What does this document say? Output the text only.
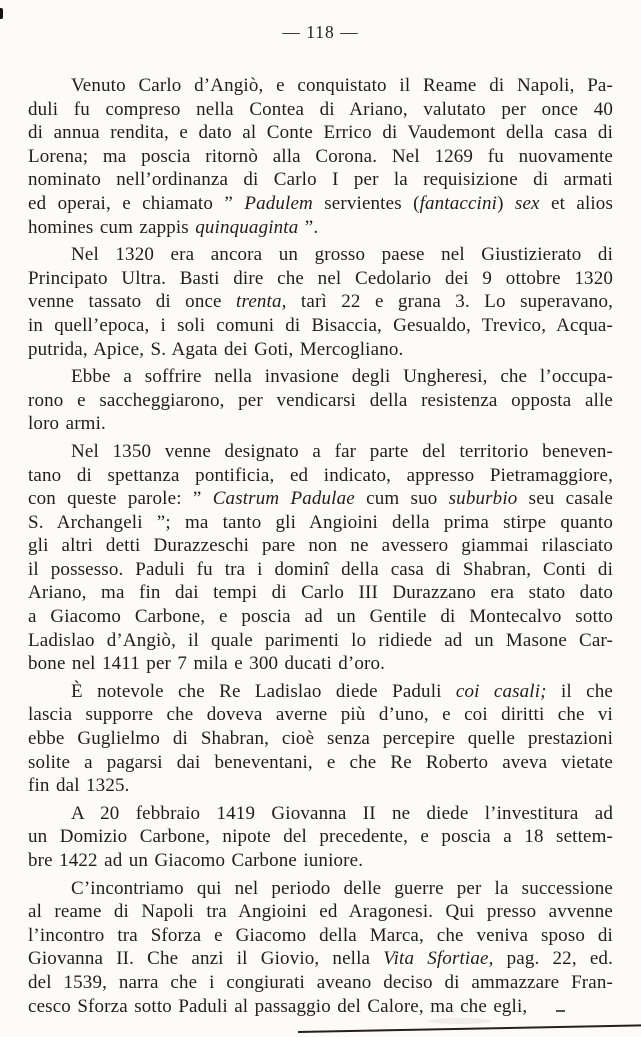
— 118 —
Venuto Carlo d’Angiò, e conquistato il Reame di Napoli, Pa-
duli fu compreso nella Contea di Ariano, valutato per once 40
di annua rendita, e dato al Conte Errico di Vaudemont della casa di
Lorena; ma poscia ritornò alla Corona. Nel 1269 fu nuovamente
nominato nell’ordinanza di Carlo I per la requisizione di armati
ed operai, e chiamato ” Padulem servientes (fantaccini) sex et alios
homines cum zappis quinquaginta ”.
Nel 1320 era ancora un grosso paese nel Giustizierato di
Principato Ultra. Basti dire che nel Cedolario dei 9 ottobre 1320
venne tassato di once trenta, tarì 22 e grana 3. Lo superavano,
in quell’epoca, i soli comuni di Bisaccia, Gesualdo, Trevico, Acqua-
putrida, Apice, S. Agata dei Goti, Mercogliano.
Ebbe a soffrire nella invasione degli Ungheresi, che l’occupa-
rono e saccheggiarono, per vendicarsi della resistenza opposta alle
loro armi.
Nel 1350 venne designato a far parte del territorio beneven-
tano di spettanza pontificia, ed indicato, appresso Pietramaggiore,
con queste parole: ” Castrum Padulae cum suo suburbio seu casale
S. Archangeli ”; ma tanto gli Angioini della prima stirpe quanto
gli altri detti Durazzeschi pare non ne avessero giammai rilasciato
il possesso. Paduli fu tra i dominî della casa di Shabran, Conti di
Ariano, ma fin dai tempi di Carlo III Durazzano era stato dato
a Giacomo Carbone, e poscia ad un Gentile di Montecalvo sotto
Ladislao d’Angiò, il quale parimenti lo ridiede ad un Masone Car-
bone nel 1411 per 7 mila e 300 ducati d’oro.
È notevole che Re Ladislao diede Paduli coi casali; il che
lascia supporre che doveva averne più d’uno, e coi diritti che vi
ebbe Guglielmo di Shabran, cioè senza percepire quelle prestazioni
solite a pagarsi dai beneventani, e che Re Roberto aveva vietate
fin dal 1325.
A 20 febbraio 1419 Giovanna II ne diede l’investitura ad
un Domizio Carbone, nipote del precedente, e poscia a 18 settem-
bre 1422 ad un Giacomo Carbone iuniore.
C’incontriamo qui nel periodo delle guerre per la successione
al reame di Napoli tra Angioini ed Aragonesi. Qui presso avvenne
l’incontro tra Sforza e Giacomo della Marca, che veniva sposo di
Giovanna II. Che anzi il Giovio, nella Vita Sfortiae, pag. 22, ed.
del 1539, narra che i congiurati aveano deciso di ammazzare Fran-
cesco Sforza sotto Paduli al passaggio del Calore, ma che egli,
